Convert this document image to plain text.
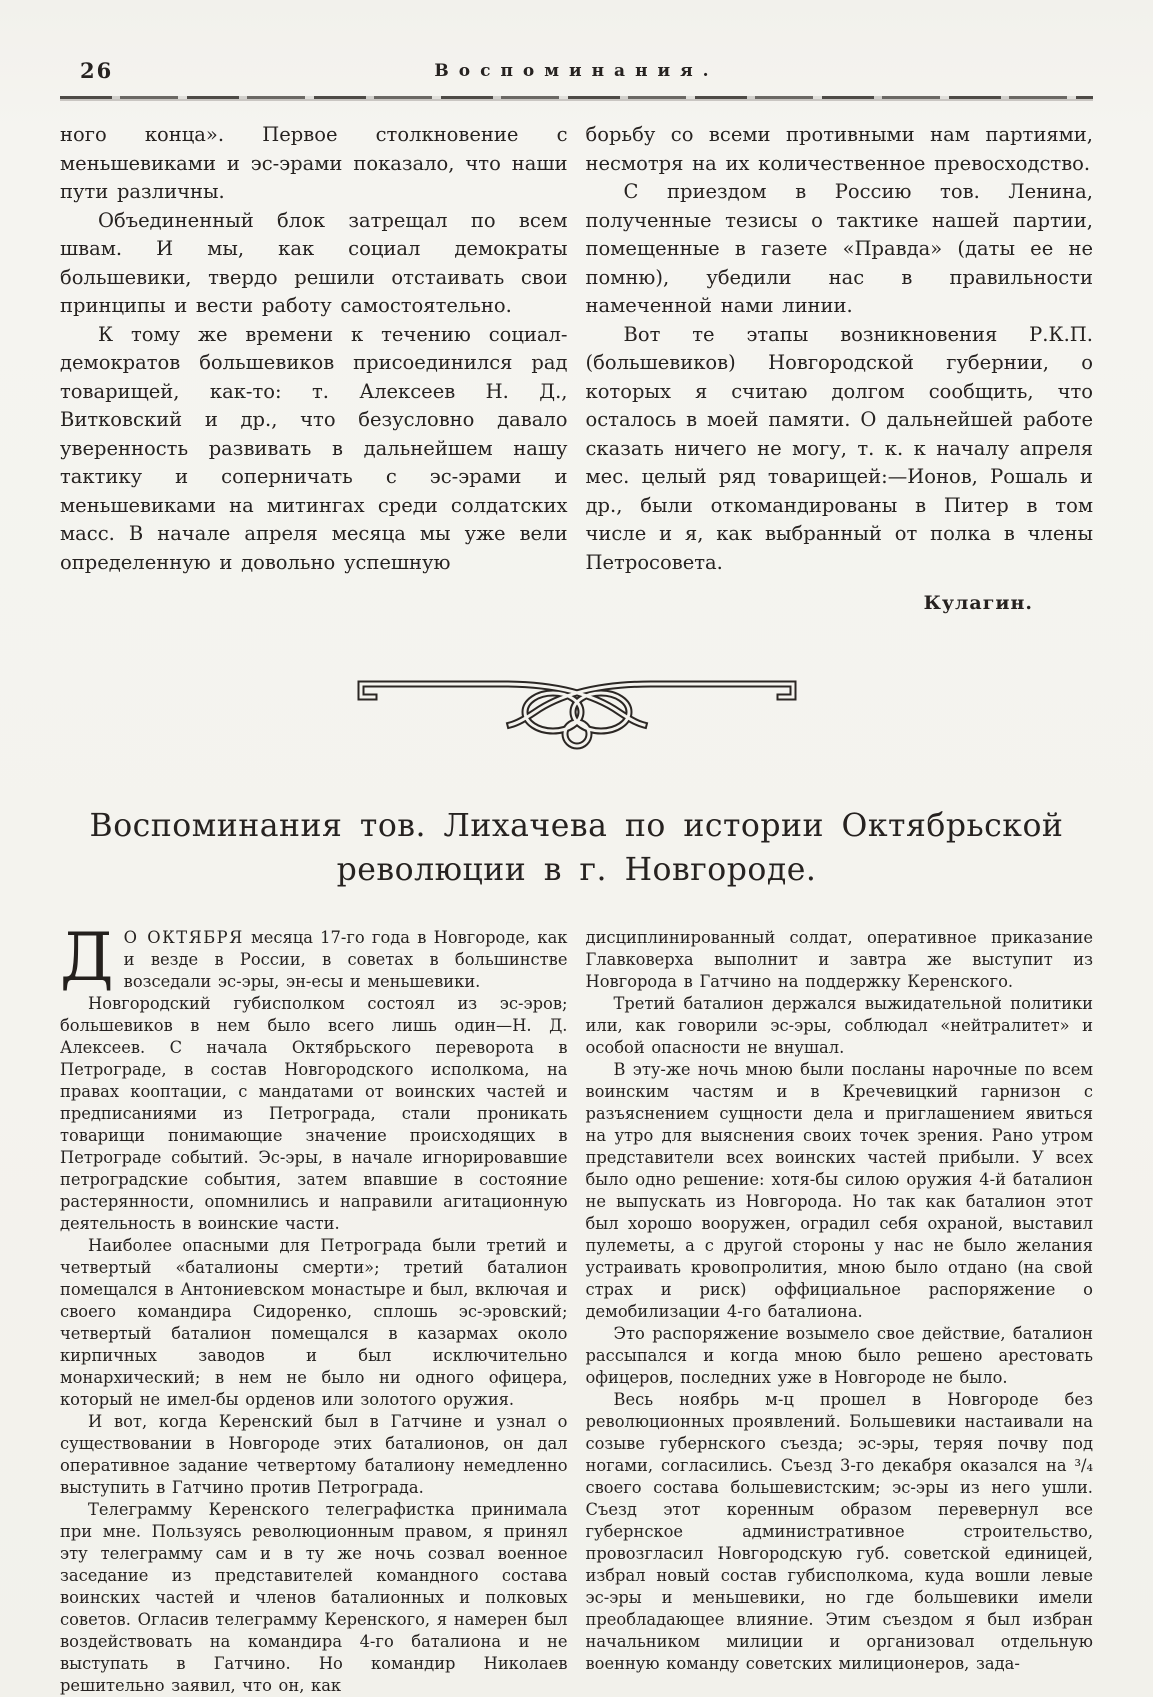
26	Воспоминания.

ного конца». Первое столкновение с меньшевиками и эс-эрами показало, что наши пути различны.

Объединенный блок затрещал по всем швам. И мы, как социал демократы большевики, твердо решили отстаивать свои принципы и вести работу самостоятельно.

К тому же времени к течению социал-демократов большевиков присоединился рад товарищей, как-то: т. Алексеев Н. Д., Витковский и др., что безусловно давало уверенность развивать в дальнейшем нашу тактику и соперничать с эс-эрами и меньшевиками на митингах среди солдатских масс. В начале апреля месяца мы уже вели определенную и довольно успешную

борьбу со всеми противными нам партиями, несмотря на их количественное превосходство.

С приездом в Россию тов. Ленина, полученные тезисы о тактике нашей партии, помещенные в газете «Правда» (даты ее не помню), убедили нас в правильности намеченной нами линии.

Вот те этапы возникновения Р.К.П. (большевиков) Новгородской губернии, о которых я считаю долгом сообщить, что осталось в моей памяти. О дальнейшей работе сказать ничего не могу, т. к. к началу апреля мес. целый ряд товарищей:—Ионов, Рошаль и др., были откомандированы в Питер в том числе и я, как выбранный от полка в члены Петросовета.

Кулагин.

Воспоминания тов. Лихачева по истории Октябрьской
революции в г. Новгороде.

Д О ОКТЯБРЯ месяца 17-го года в Новгороде, как и везде в России, в советах в большинстве возседали эс-эры, эн-есы и меньшевики.

Новгородский губисполком состоял из эс-эров; большевиков в нем было всего лишь один—Н. Д. Алексеев. С начала Октябрьского переворота в Петрограде, в состав Новгородского исполкома, на правах кооптации, с мандатами от воинских частей и предписаниями из Петрограда, стали проникать товарищи понимающие значение происходящих в Петрограде событий. Эс-эры, в начале игнорировавшие петроградские события, затем впавшие в состояние растерянности, опомнились и направили агитационную деятельность в воинские части.

Наиболее опасными для Петрограда были третий и четвертый «баталионы смерти»; третий баталион помещался в Антониевском монастыре и был, включая и своего командира Сидоренко, сплошь эс-эровский; четвертый баталион помещался в казармах около кирпичных заводов и был исключительно монархический; в нем не было ни одного офицера, который не имел-бы орденов или золотого оружия.

И вот, когда Керенский был в Гатчине и узнал о существовании в Новгороде этих баталионов, он дал оперативное задание четвертому баталиону немедленно выступить в Гатчино против Петрограда.

Телеграмму Керенского телеграфистка принимала при мне. Пользуясь революционным правом, я принял эту телеграмму сам и в ту же ночь созвал военное заседание из представителей командного состава воинских частей и членов баталионных и полковых советов. Огласив телеграмму Керенского, я намерен был воздействовать на командира 4-го баталиона и не выступать в Гатчино. Но командир Николаев решительно заявил, что он, как

дисциплинированный солдат, оперативное приказание Главковерха выполнит и завтра же выступит из Новгорода в Гатчино на поддержку Керенского.

Третий баталион держался выжидательной политики или, как говорили эс-эры, соблюдал «нейтралитет» и особой опасности не внушал.

В эту-же ночь мною были посланы нарочные по всем воинским частям и в Кречевицкий гарнизон с разъяснением сущности дела и приглашением явиться на утро для выяснения своих точек зрения. Рано утром представители всех воинских частей прибыли. У всех было одно решение: хотя-бы силою оружия 4-й баталион не выпускать из Новгорода. Но так как баталион этот был хорошо вооружен, оградил себя охраной, выставил пулеметы, а с другой стороны у нас не было желания устраивать кровопролития, мною было отдано (на свой страх и риск) оффициальное распоряжение о демобилизации 4-го баталиона.

Это распоряжение возымело свое действие, баталион рассыпался и когда мною было решено арестовать офицеров, последних уже в Новгороде не было.

Весь ноябрь м-ц прошел в Новгороде без революционных проявлений. Большевики настаивали на созыве губернского съезда; эс-эры, теряя почву под ногами, согласились. Съезд 3-го декабря оказался на ³/₄ своего состава большевистским; эс-эры из него ушли. Съезд этот коренным образом перевернул все губернское административное строительство, провозгласил Новгородскую губ. советской единицей, избрал новый состав губисполкома, куда вошли левые эс-эры и меньшевики, но где большевики имели преобладающее влияние. Этим съездом я был избран начальником милиции и организовал отдельную военную команду советских милиционеров, зада-
